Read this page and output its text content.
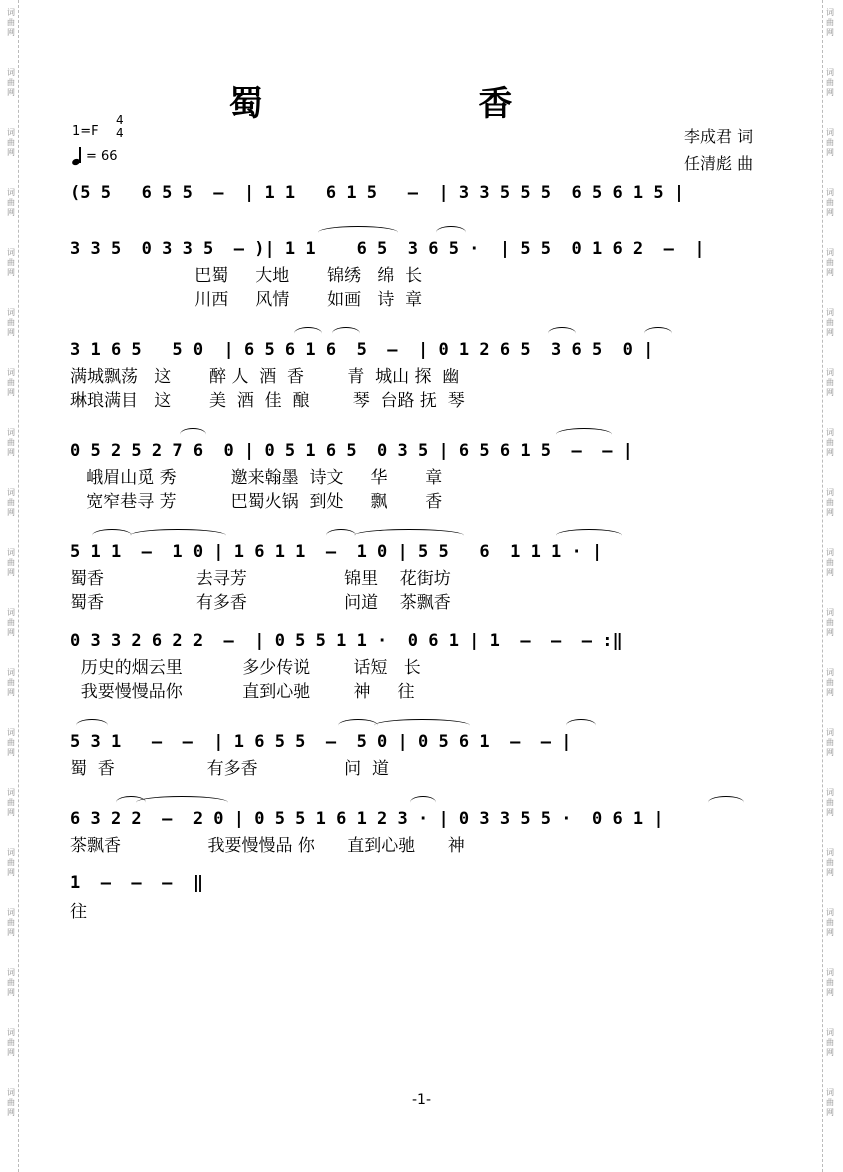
词曲网
词曲网
词曲网
词曲网
词曲网
词曲网
词曲网
词曲网
词曲网
词曲网
词曲网
词曲网
词曲网
词曲网
词曲网
词曲网
词曲网
词曲网
词曲网
词曲网
词曲网
词曲网
词曲网
词曲网
词曲网
词曲网
词曲网
词曲网
词曲网
词曲网
词曲网
词曲网
词曲网
词曲网
词曲网
词曲网
词曲网
词曲网
蜀 香
1=F
4
4
= 66
李成君 词
任清彪 曲
(5 5   6 5 5  –  | 1 1   6 1 5   –  | 3 3 5 5 5  6 5 6 1 5 |
3 3 5  0 3 3 5  – )| 1 1    6 5  3 6 5 ·  | 5 5  0 1 6 2  –  |
巴蜀     大地       锦绣   绵  长
川西     风情       如画   诗  章
3 1 6 5   5 0  | 6 5 6 1 6  5  –  | 0 1 2 6 5  3 6 5  0 |
满城飘荡   这       醉 人  酒  香        青  城山 探  幽
琳琅满目   这       美  酒  佳  酿        琴  台路 抚  琴
0 5 2 5 2 7 6  0 | 0 5 1 6 5  0 3 5 | 6 5 6 1 5  –  – |
峨眉山觅 秀          邀来翰墨  诗文     华       章
宽窄巷寻 芳          巴蜀火锅  到处     飘       香
5 1 1  –  1 0 | 1 6 1 1  –  1 0 | 5 5   6  1 1 1 · |
蜀香                 去寻芳                  锦里    花街坊
蜀香                 有多香                  问道    茶飘香
0 3 3 2 6 2 2  –  | 0 5 5 1 1 ·  0 6 1 | 1  –  –  – :‖
历史的烟云里           多少传说        话短   长
我要慢慢品你           直到心驰        神     往
5 3 1   –  –  | 1 6 5 5  –  5 0 | 0 5 6 1  –  – |
蜀  香                 有多香                问  道
6 3 2 2  –  2 0 | 0 5 5 1 6 1 2 3 · | 0 3 3 5 5 ·  0 6 1 |
茶飘香                我要慢慢品 你      直到心驰      神
1  –  –  –  ‖
往
-1-
